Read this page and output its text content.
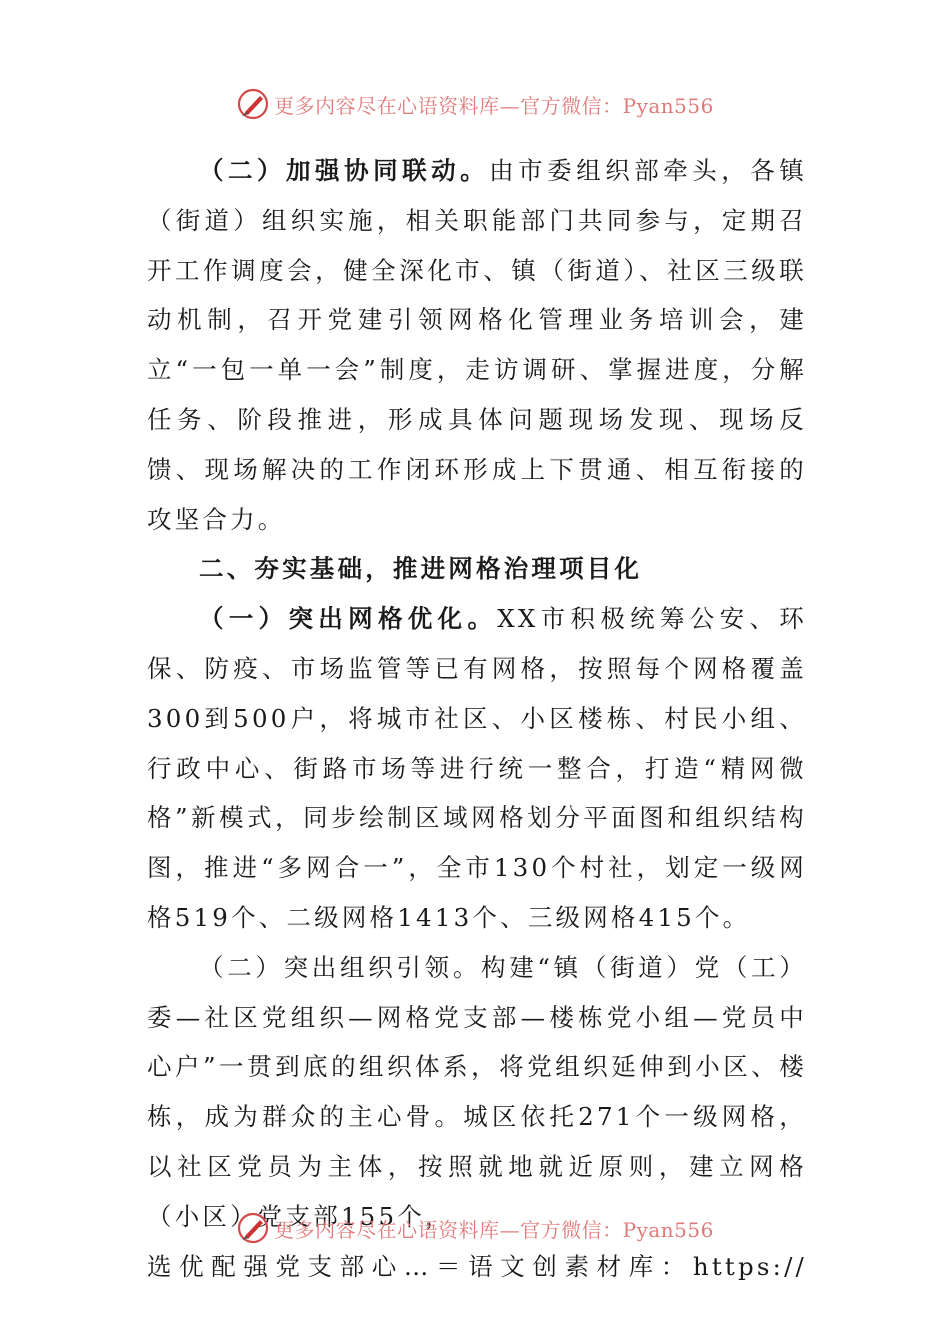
更多内容尽在心语资料库—官方微信：Pyan556

（二）加强协同联动。由市委组织部牵头，各镇（街道）组织实施，相关职能部门共同参与，定期召开工作调度会，健全深化市、镇（街道）、社区三级联动机制，召开党建引领网格化管理业务培训会，建立“一包一单一会”制度，走访调研、掌握进度，分解任务、阶段推进，形成具体问题现场发现、现场反馈、现场解决的工作闭环形成上下贯通、相互衔接的攻坚合力。

二、夯实基础，推进网格治理项目化

（一）突出网格优化。XX市积极统筹公安、环保、防疫、市场监管等已有网格，按照每个网格覆盖300到500户，将城市社区、小区楼栋、村民小组、行政中心、街路市场等进行统一整合，打造“精网微格”新模式，同步绘制区域网格划分平面图和组织结构图，推进“多网合一”，全市130个村社，划定一级网格519个、二级网格1413个、三级网格415个。

（二）突出组织引领。构建“镇（街道）党（工）委—社区党组织—网格党支部—楼栋党小组—党员中心户”一贯到底的组织体系，将党组织延伸到小区、楼栋，成为群众的主心骨。城区依托271个一级网格，以社区党员为主体，按照就地就近原则，建立网格（小区）党支部155个，

选优配强党支部心…＝语文创素材库：https://

更多内容尽在心语资料库—官方微信：Pyan556
